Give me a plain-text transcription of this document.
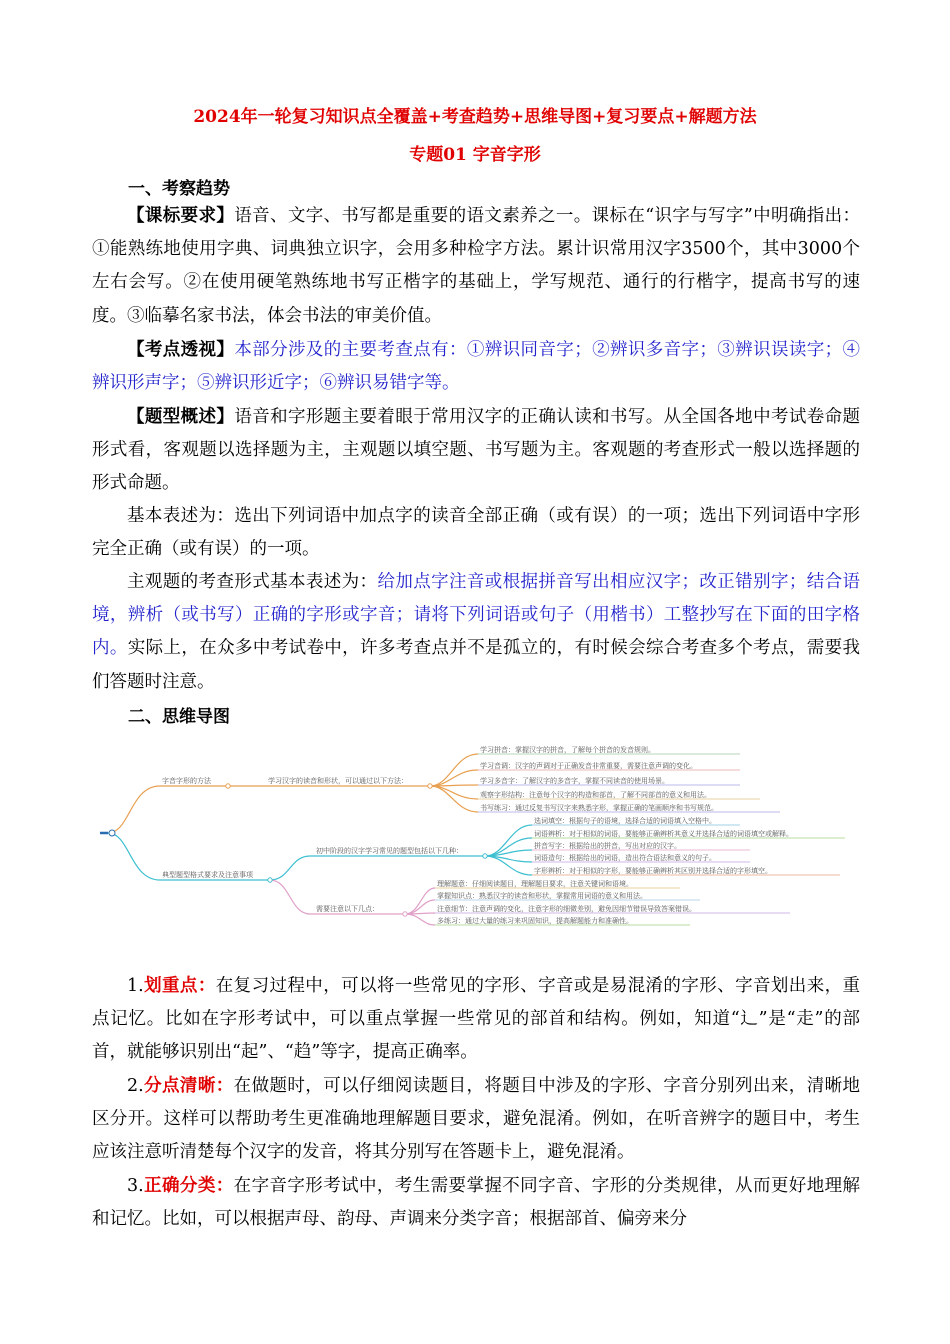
2024年一轮复习知识点全覆盖+考查趋势+思维导图+复习要点+解题方法
专题01 字音字形
一、考察趋势

【课标要求】语音、文字、书写都是重要的语文素养之一。课标在“识字与写字”中明确指出：①能熟练地使用字典、词典独立识字，会用多种检字方法。累计识常用汉字3500个，其中3000个左右会写。②在使用硬笔熟练地书写正楷字的基础上，学写规范、通行的行楷字，提高书写的速度。③临摹名家书法，体会书法的审美价值。

【考点透视】本部分涉及的主要考查点有：①辨识同音字；②辨识多音字；③辨识误读字；④辨识形声字；⑤辨识形近字；⑥辨识易错字等。

【题型概述】语音和字形题主要着眼于常用汉字的正确认读和书写。从全国各地中考试卷命题形式看，客观题以选择题为主，主观题以填空题、书写题为主。客观题的考查形式一般以选择题的形式命题。

基本表述为：选出下列词语中加点字的读音全部正确（或有误）的一项；选出下列词语中字形完全正确（或有误）的一项。

主观题的考查形式基本表述为：给加点字注音或根据拼音写出相应汉字；改正错别字；结合语境，辨析（或书写）正确的字形或字音；请将下列词语或句子（用楷书）工整抄写在下面的田字格内。实际上，在众多中考试卷中，许多考查点并不是孤立的，有时候会综合考查多个考点，需要我们答题时注意。

二、思维导图
字音字形的方法	学习汉字的读音和形状，可以通过以下方法：
学习拼音：掌握汉字的拼音，了解每个拼音的发音规则。
学习音调：汉字的声调对于正确发音非常重要，需要注意声调的变化。
学习多音字：了解汉字的多音字，掌握不同读音的使用场景。
观察字形结构：注意每个汉字的构造和部首，了解不同部首的意义和用法。
书写练习：通过反复书写汉字来熟悉字形，掌握正确的笔画顺序和书写规范。
典型题型格式要求及注意事项
初中阶段的汉字学习常见的题型包括以下几种：
选词填空：根据句子的语境，选择合适的词语填入空格中。
词语辨析：对于相似的词语，要能够正确辨析其意义并选择合适的词语填空或解释。
拼音写字：根据给出的拼音，写出对应的汉字。
词语造句：根据给出的词语，造出符合语法和意义的句子。
字形辨析：对于相似的字形，要能够正确辨析其区别并选择合适的字形填空。
需要注意以下几点：
理解题意：仔细阅读题目，理解题目要求，注意关键词和语境。
掌握知识点：熟悉汉字的读音和形状，掌握常用词语的意义和用法。
注意细节：注意声调的变化，注意字形的细微差别，避免因细节错误导致答案错误。
多练习：通过大量的练习来巩固知识，提高解题能力和准确性。

1.划重点：在复习过程中，可以将一些常见的字形、字音或是易混淆的字形、字音划出来，重点记忆。比如在字形考试中，可以重点掌握一些常见的部首和结构。例如，知道“辶”是“走”的部首，就能够识别出“起”、“趋”等字，提高正确率。

2.分点清晰：在做题时，可以仔细阅读题目，将题目中涉及的字形、字音分别列出来，清晰地区分开。这样可以帮助考生更准确地理解题目要求，避免混淆。例如，在听音辨字的题目中，考生应该注意听清楚每个汉字的发音，将其分别写在答题卡上，避免混淆。

3.正确分类：在字音字形考试中，考生需要掌握不同字音、字形的分类规律，从而更好地理解和记忆。比如，可以根据声母、韵母、声调来分类字音；根据部首、偏旁来分
